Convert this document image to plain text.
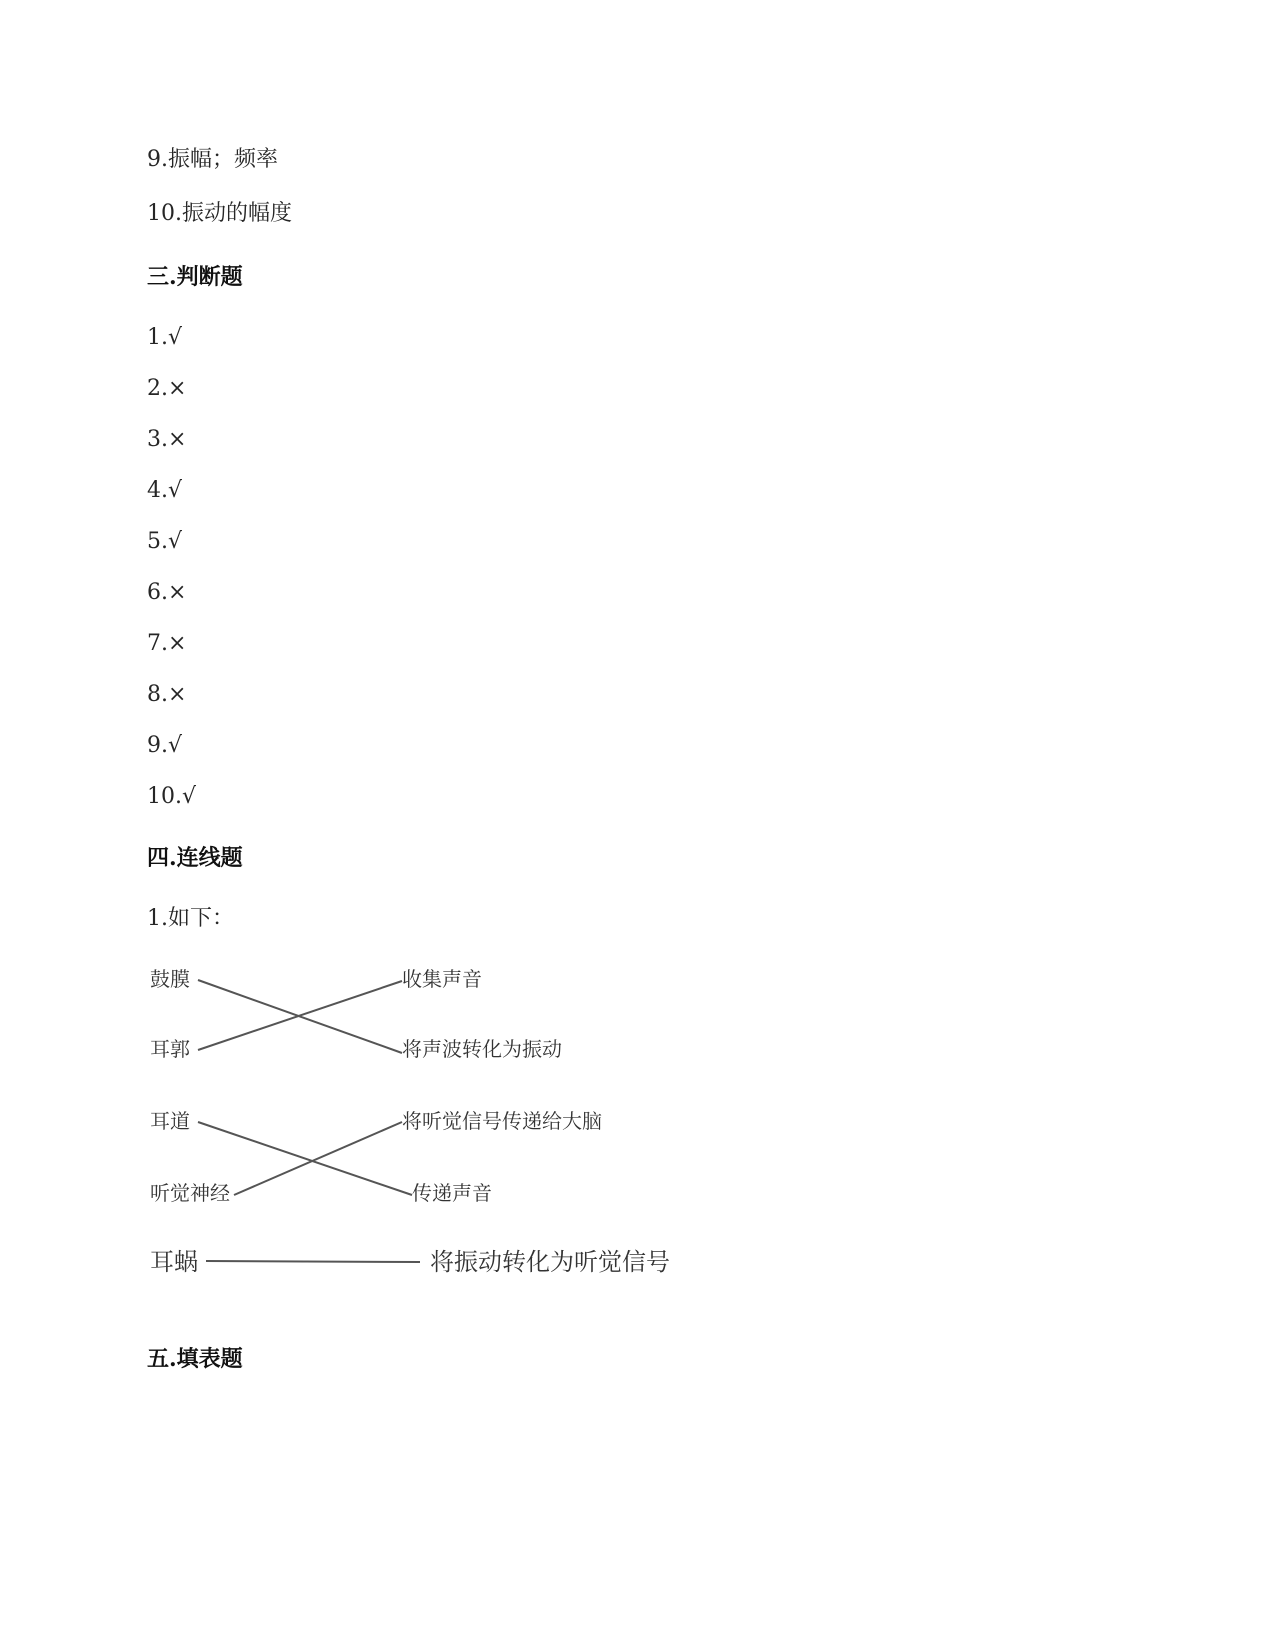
9.振幅；频率
10.振动的幅度
三.判断题
1.√
2.×
3.×
4.√
5.√
6.×
7.×
8.×
9.√
10.√
四.连线题
1.如下：
鼓膜
耳郭
耳道
听觉神经
耳蜗
收集声音
将声波转化为振动
将听觉信号传递给大脑
传递声音
将振动转化为听觉信号
五.填表题
